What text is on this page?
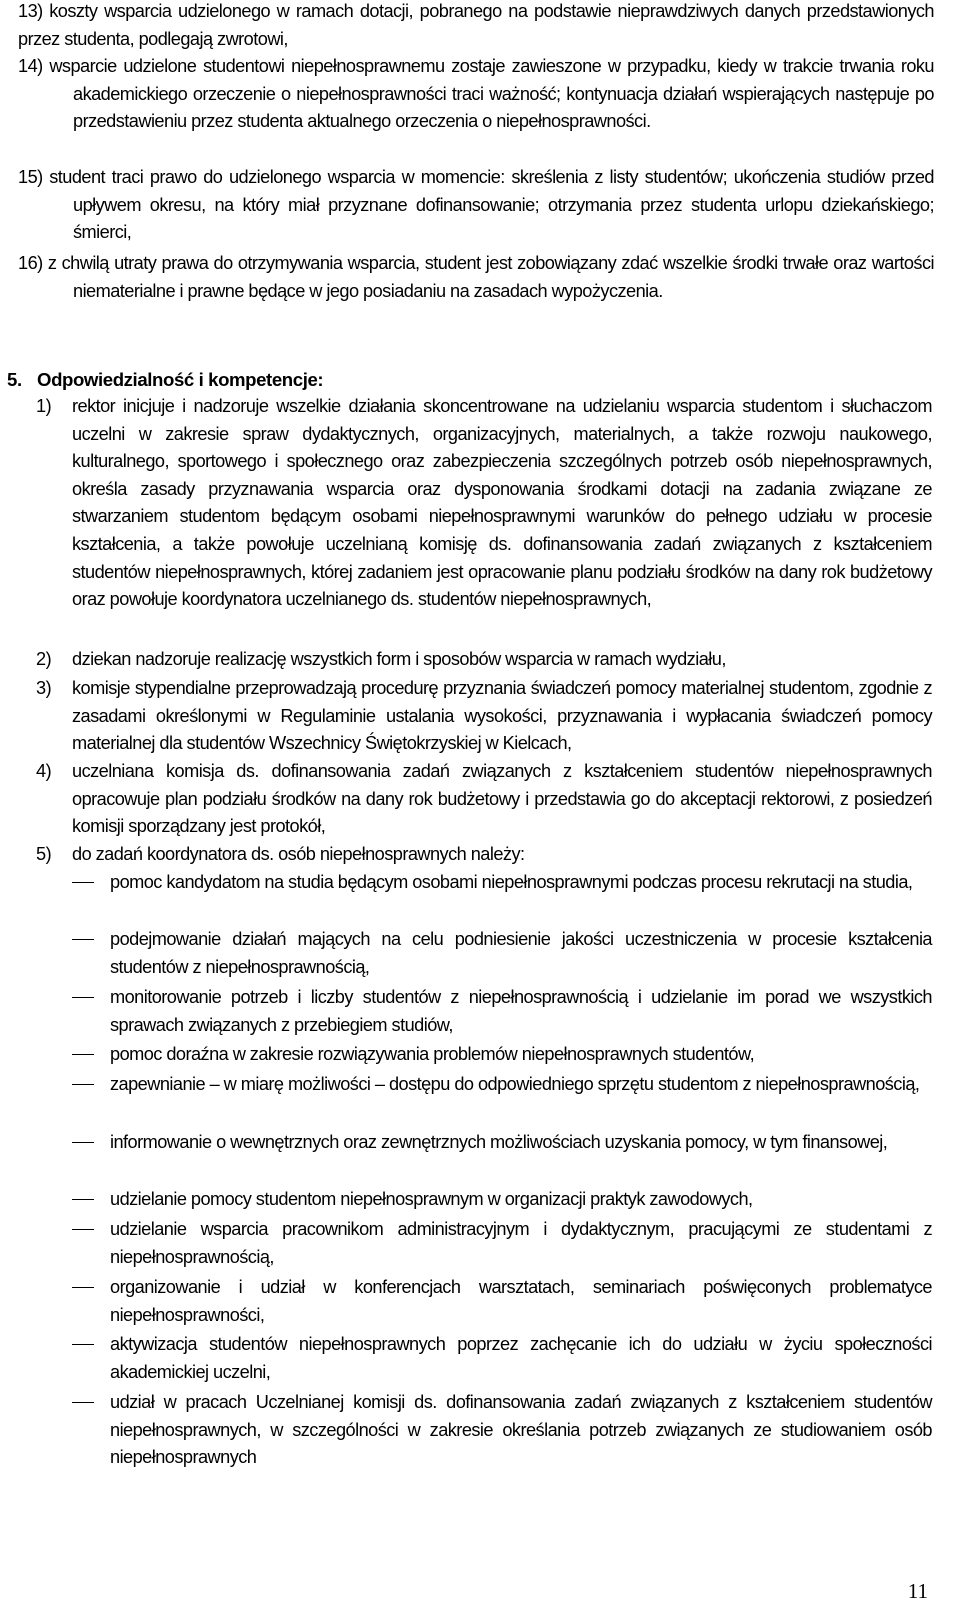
13) koszty wsparcia udzielonego w ramach dotacji, pobranego na podstawie nieprawdziwych danych przedstawionych przez studenta, podlegają zwrotowi,
14) wsparcie udzielone studentowi niepełnosprawnemu zostaje zawieszone w przypadku, kiedy w trakcie trwania roku akademickiego orzeczenie o niepełnosprawności traci ważność; kontynuacja działań wspierających następuje po przedstawieniu przez studenta aktualnego orzeczenia o niepełnosprawności.
15) student traci prawo do udzielonego wsparcia w momencie: skreślenia z listy studentów; ukończenia studiów przed upływem okresu, na który miał przyznane dofinansowanie; otrzymania przez studenta urlopu dziekańskiego; śmierci,
16) z chwilą utraty prawa do otrzymywania wsparcia, student jest zobowiązany zdać wszelkie środki trwałe oraz wartości niematerialne i prawne będące w jego posiadaniu na zasadach wypożyczenia.
5. Odpowiedzialność i kompetencje:
1) rektor inicjuje i nadzoruje wszelkie działania skoncentrowane na udzielaniu wsparcia studentom i słuchaczom uczelni w zakresie spraw dydaktycznych, organizacyjnych, materialnych, a także rozwoju naukowego, kulturalnego, sportowego i społecznego oraz zabezpieczenia szczególnych potrzeb osób niepełnosprawnych, określa zasady przyznawania wsparcia oraz dysponowania środkami dotacji na zadania związane ze stwarzaniem studentom będącym osobami niepełnosprawnymi warunków do pełnego udziału w procesie kształcenia, a także powołuje uczelnianą komisję ds. dofinansowania zadań związanych z kształceniem studentów niepełnosprawnych, której zadaniem jest opracowanie planu podziału środków na dany rok budżetowy oraz powołuje koordynatora uczelnianego ds. studentów niepełnosprawnych,
2) dziekan nadzoruje realizację wszystkich form i sposobów wsparcia w ramach wydziału,
3) komisje stypendialne przeprowadzają procedurę przyznania świadczeń pomocy materialnej studentom, zgodnie z zasadami określonymi w Regulaminie ustalania wysokości, przyznawania i wypłacania świadczeń pomocy materialnej dla studentów Wszechnicy Świętokrzyskiej w Kielcach,
4) uczelniana komisja ds. dofinansowania zadań związanych z kształceniem studentów niepełnosprawnych opracowuje plan podziału środków na dany rok budżetowy i przedstawia go do akceptacji rektorowi, z posiedzeń komisji sporządzany jest protokół,
5) do zadań koordynatora ds. osób niepełnosprawnych należy:
pomoc kandydatom na studia będącym osobami niepełnosprawnymi podczas procesu rekrutacji na studia,
podejmowanie działań mających na celu podniesienie jakości uczestniczenia w procesie kształcenia studentów z niepełnosprawnością,
monitorowanie potrzeb i liczby studentów z niepełnosprawnością i udzielanie im porad we wszystkich sprawach związanych z przebiegiem studiów,
pomoc doraźna w zakresie rozwiązywania problemów niepełnosprawnych studentów,
zapewnianie – w miarę możliwości – dostępu do odpowiedniego sprzętu studentom z niepełnosprawnością,
informowanie o wewnętrznych oraz zewnętrznych możliwościach uzyskania pomocy, w tym finansowej,
udzielanie pomocy studentom niepełnosprawnym w organizacji praktyk zawodowych,
udzielanie wsparcia pracownikom administracyjnym i dydaktycznym, pracującymi ze studentami z niepełnosprawnością,
organizowanie i udział w konferencjach warsztatach, seminariach poświęconych problematyce niepełnosprawności,
aktywizacja studentów niepełnosprawnych poprzez zachęcanie ich do udziału w życiu społeczności akademickiej uczelni,
udział w pracach Uczelnianej komisji ds. dofinansowania zadań związanych z kształceniem studentów niepełnosprawnych, w szczególności w zakresie określania potrzeb związanych ze studiowaniem osób niepełnosprawnych
11
